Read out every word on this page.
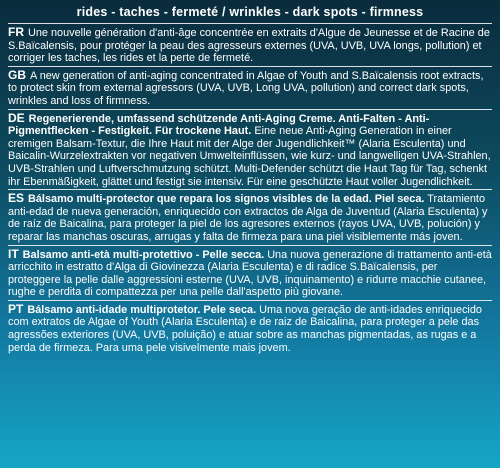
rides - taches - fermeté / wrinkles - dark spots - firmness

FR Une nouvelle génération d'anti-âge concentrée en extraits d'Algue de Jeunesse et de Racine de S.Baïcalensis, pour protéger la peau des agresseurs externes (UVA, UVB, UVA longs, pollution) et corriger les taches, les rides et la perte de fermeté.

GB A new generation of anti-aging concentrated in Algae of Youth and S.Baïcalensis root extracts, to protect skin from external agressors (UVA, UVB, Long UVA, pollution) and correct dark spots, wrinkles and loss of firmness.

DE Regenerierende, umfassend schützende Anti-Aging Creme. Anti-Falten - Anti-Pigmentflecken - Festigkeit. Für trockene Haut. Eine neue Anti-Aging Generation in einer cremigen Balsam-Textur, die Ihre Haut mit der Alge der Jugendlichkeit™ (Alaria Esculenta) und Baicalin-Wurzelextrakten vor negativen Umwelteinflüssen, wie kurz- und langwelligen UVA-Strahlen, UVB-Strahlen und Luftverschmutzung schützt. Multi-Defender schützt die Haut Tag für Tag, schenkt ihr Ebenmäßigkeit, glättet und festigt sie intensiv. Für eine geschützte Haut voller Jugendlichkeit.

ES Bálsamo multi-protector que repara los signos visibles de la edad. Piel seca. Tratamiento anti-edad de nueva generación, enriquecido con extractos de Alga de Juventud (Alaria Esculenta) y de raíz de Baicalina, para proteger la piel de los agresores externos (rayos UVA, UVB, polución) y reparar las manchas oscuras, arrugas y falta de firmeza para una piel visiblemente más joven.

IT Balsamo anti-età multi-protettivo - Pelle secca. Una nuova generazione di trattamento anti-età arricchito in estratto d'Alga di Giovinezza (Alaria Esculenta) e di radice S.Baïcalensis, per proteggere la pelle dalle aggressioni esterne (UVA, UVB, inquinamento) e ridurre macchie cutanee, rughe e perdita di compattezza per una pelle dall'aspetto più giovane.

PT Bálsamo anti-idade multiprotetor. Pele seca. Uma nova geração de anti-idades enriquecido com extratos de Algae of Youth (Alaria Esculenta) e de raiz de Baicalina, para proteger a pele das agressões exteriores (UVA, UVB, poluição) e atuar sobre as manchas pigmentadas, as rugas e a perda de firmeza. Para uma pele visivelmente mais jovem.
